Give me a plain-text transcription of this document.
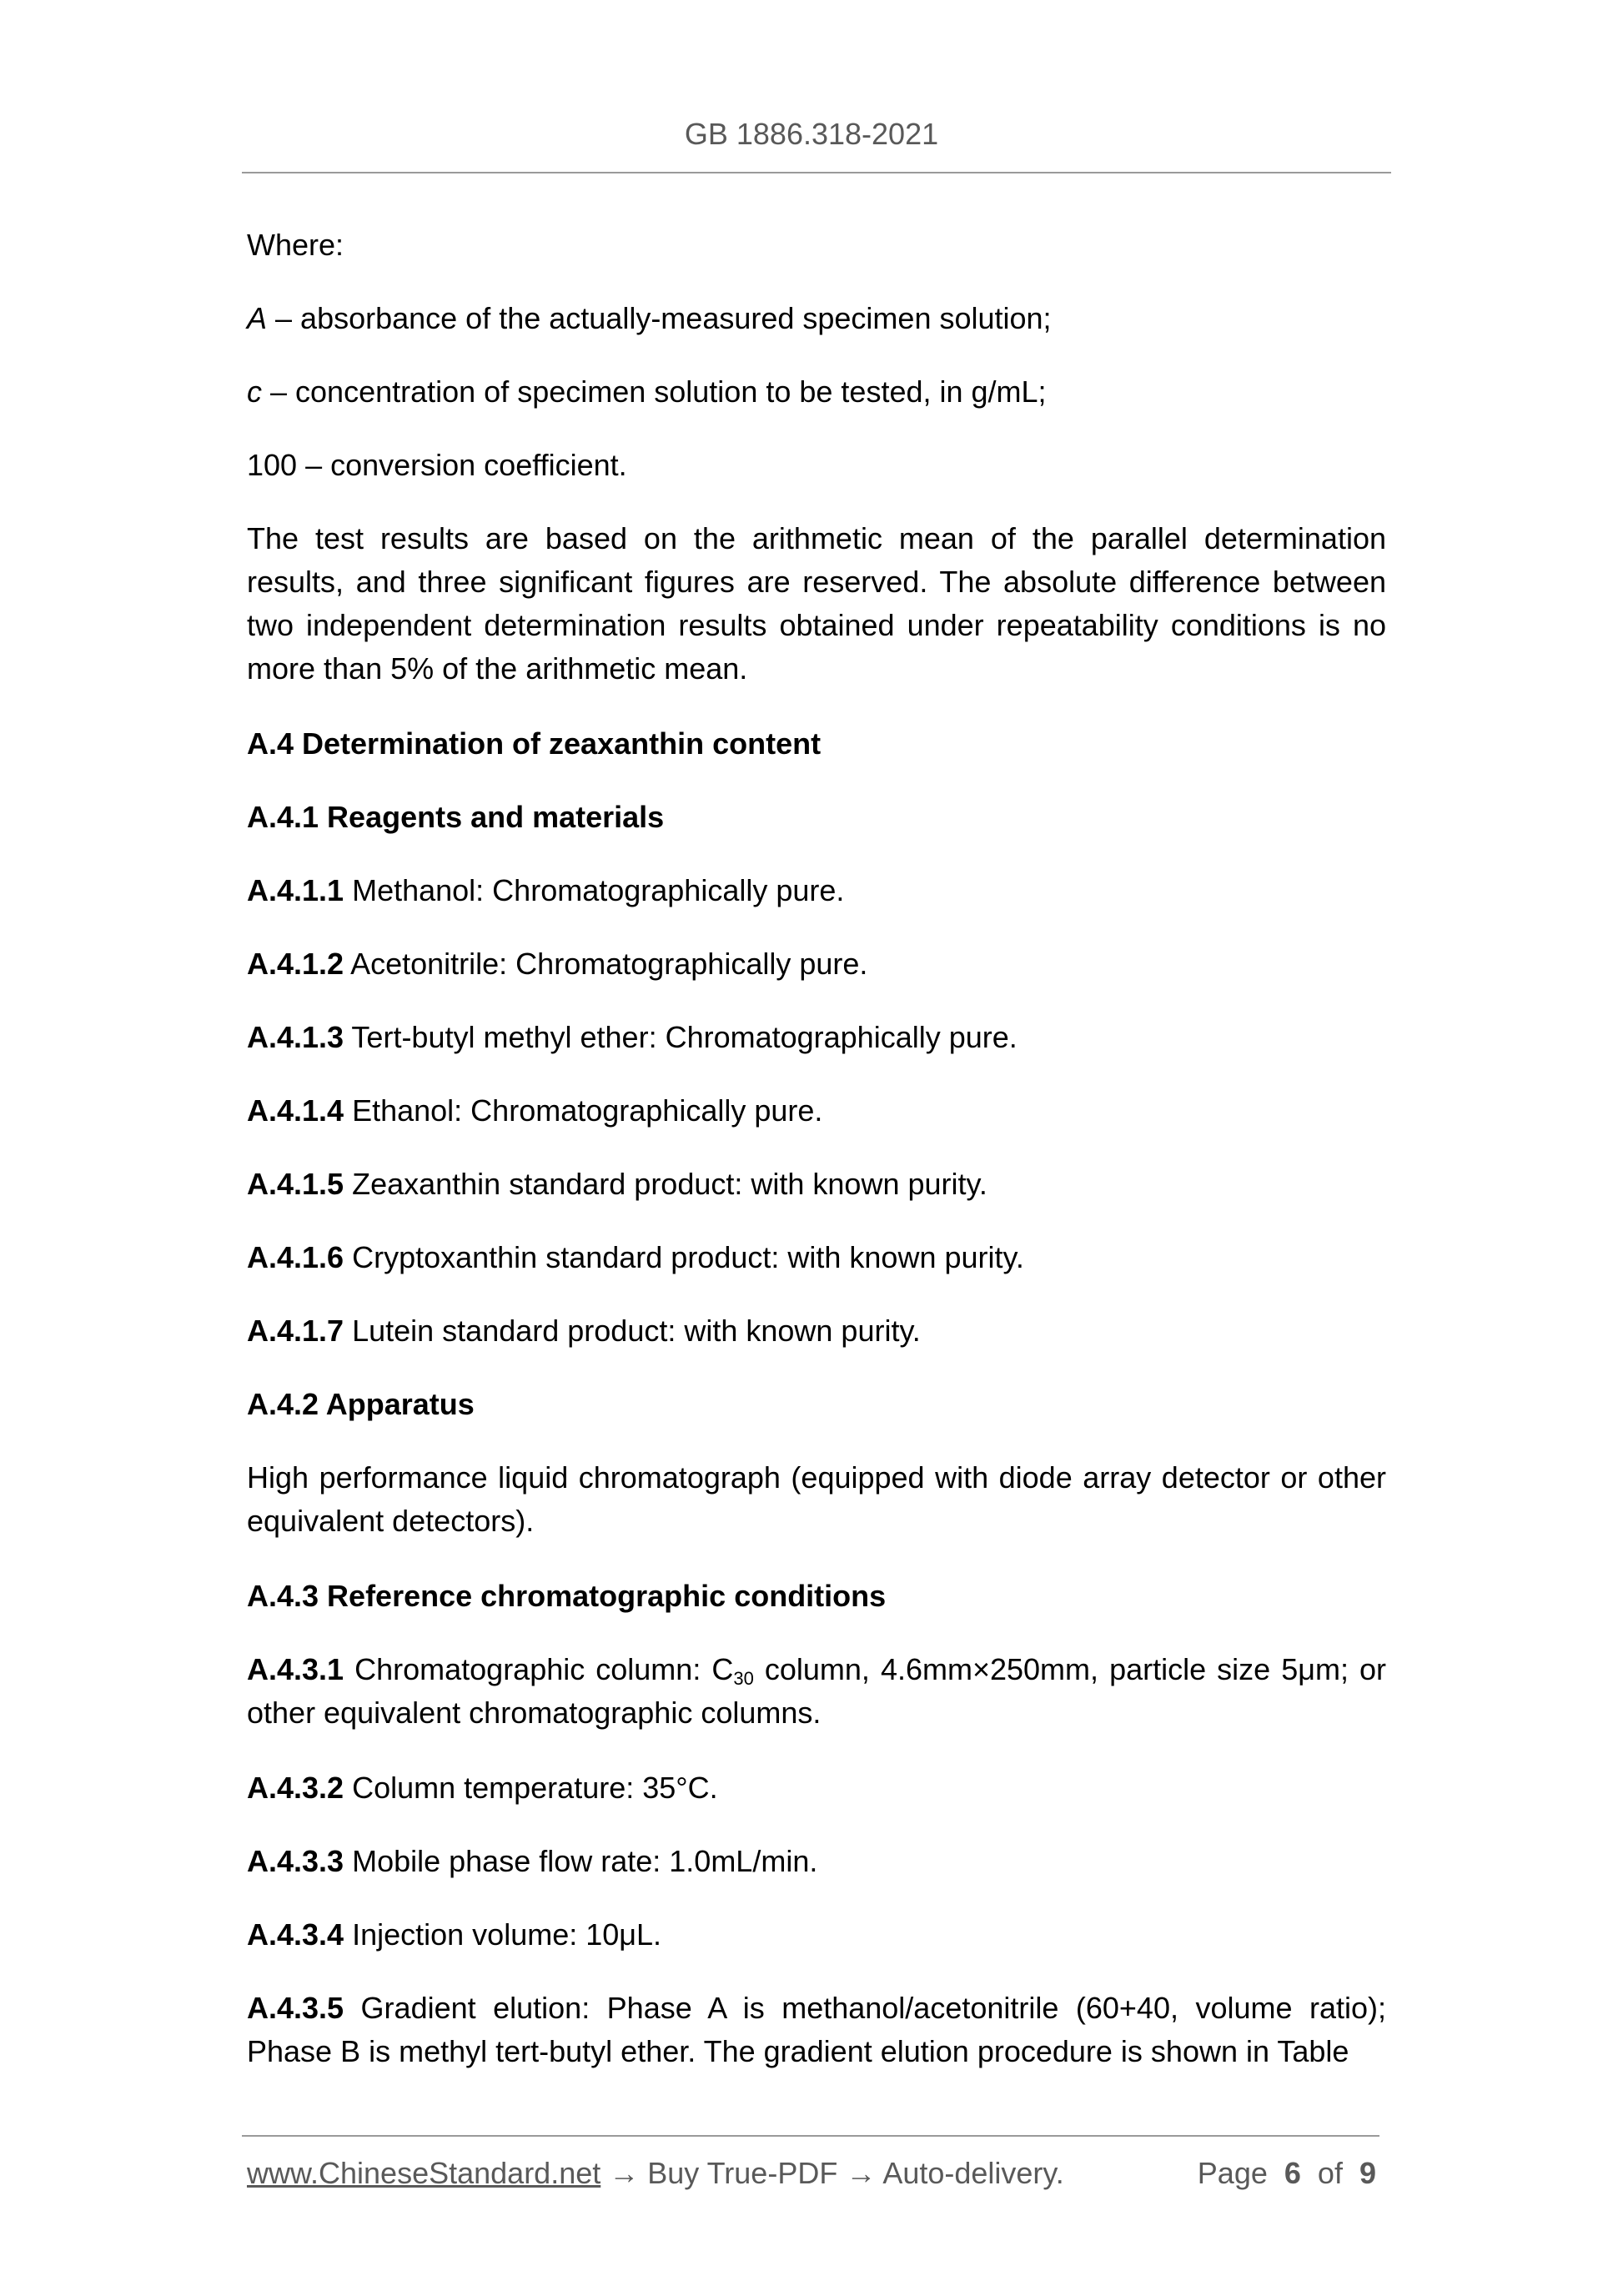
GB 1886.318-2021

Where:

A – absorbance of the actually-measured specimen solution;

c – concentration of specimen solution to be tested, in g/mL;

100 – conversion coefficient.

The test results are based on the arithmetic mean of the parallel determination results, and three significant figures are reserved. The absolute difference between two independent determination results obtained under repeatability conditions is no more than 5% of the arithmetic mean.

A.4 Determination of zeaxanthin content

A.4.1 Reagents and materials

A.4.1.1 Methanol: Chromatographically pure.

A.4.1.2 Acetonitrile: Chromatographically pure.

A.4.1.3 Tert-butyl methyl ether: Chromatographically pure.

A.4.1.4 Ethanol: Chromatographically pure.

A.4.1.5 Zeaxanthin standard product: with known purity.

A.4.1.6 Cryptoxanthin standard product: with known purity.

A.4.1.7 Lutein standard product: with known purity.

A.4.2 Apparatus

High performance liquid chromatograph (equipped with diode array detector or other equivalent detectors).

A.4.3 Reference chromatographic conditions

A.4.3.1 Chromatographic column: $C_{30}$ column, 4.6mm×250mm, particle size 5μm; or other equivalent chromatographic columns.

A.4.3.2 Column temperature: 35°C.

A.4.3.3 Mobile phase flow rate: 1.0mL/min.

A.4.3.4 Injection volume: 10μL.

A.4.3.5 Gradient elution: Phase A is methanol/acetonitrile (60+40, volume ratio); Phase B is methyl tert-butyl ether. The gradient elution procedure is shown in Table

www.ChineseStandard.net → Buy True-PDF → Auto-delivery.	Page 6 of 9
